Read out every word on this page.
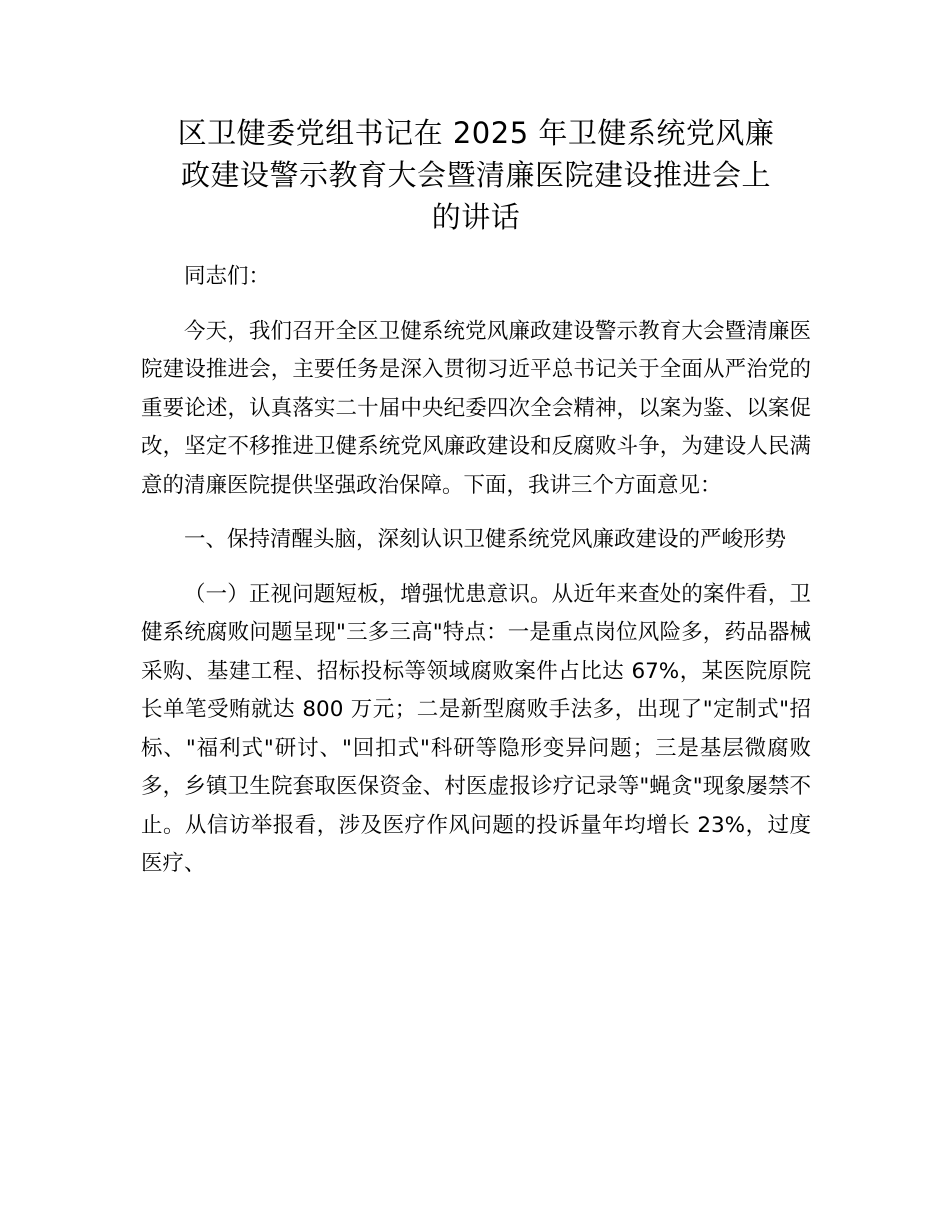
区卫健委党组书记在 2025 年卫健系统党风廉
政建设警示教育大会暨清廉医院建设推进会上
的讲话

同志们：

今天，我们召开全区卫健系统党风廉政建设警示教育大会暨清廉医院建设推进会，主要任务是深入贯彻习近平总书记关于全面从严治党的重要论述，认真落实二十届中央纪委四次全会精神，以案为鉴、以案促改，坚定不移推进卫健系统党风廉政建设和反腐败斗争，为建设人民满意的清廉医院提供坚强政治保障。下面，我讲三个方面意见：

一、保持清醒头脑，深刻认识卫健系统党风廉政建设的严峻形势

（一）正视问题短板，增强忧患意识。从近年来查处的案件看，卫健系统腐败问题呈现"三多三高"特点：一是重点岗位风险多，药品器械采购、基建工程、招标投标等领域腐败案件占比达 67%，某医院原院长单笔受贿就达 800 万元；二是新型腐败手法多，出现了"定制式"招标、"福利式"研讨、"回扣式"科研等隐形变异问题；三是基层微腐败多，乡镇卫生院套取医保资金、村医虚报诊疗记录等"蝇贪"现象屡禁不止。从信访举报看，涉及医疗作风问题的投诉量年均增长 23%，过度医疗、
